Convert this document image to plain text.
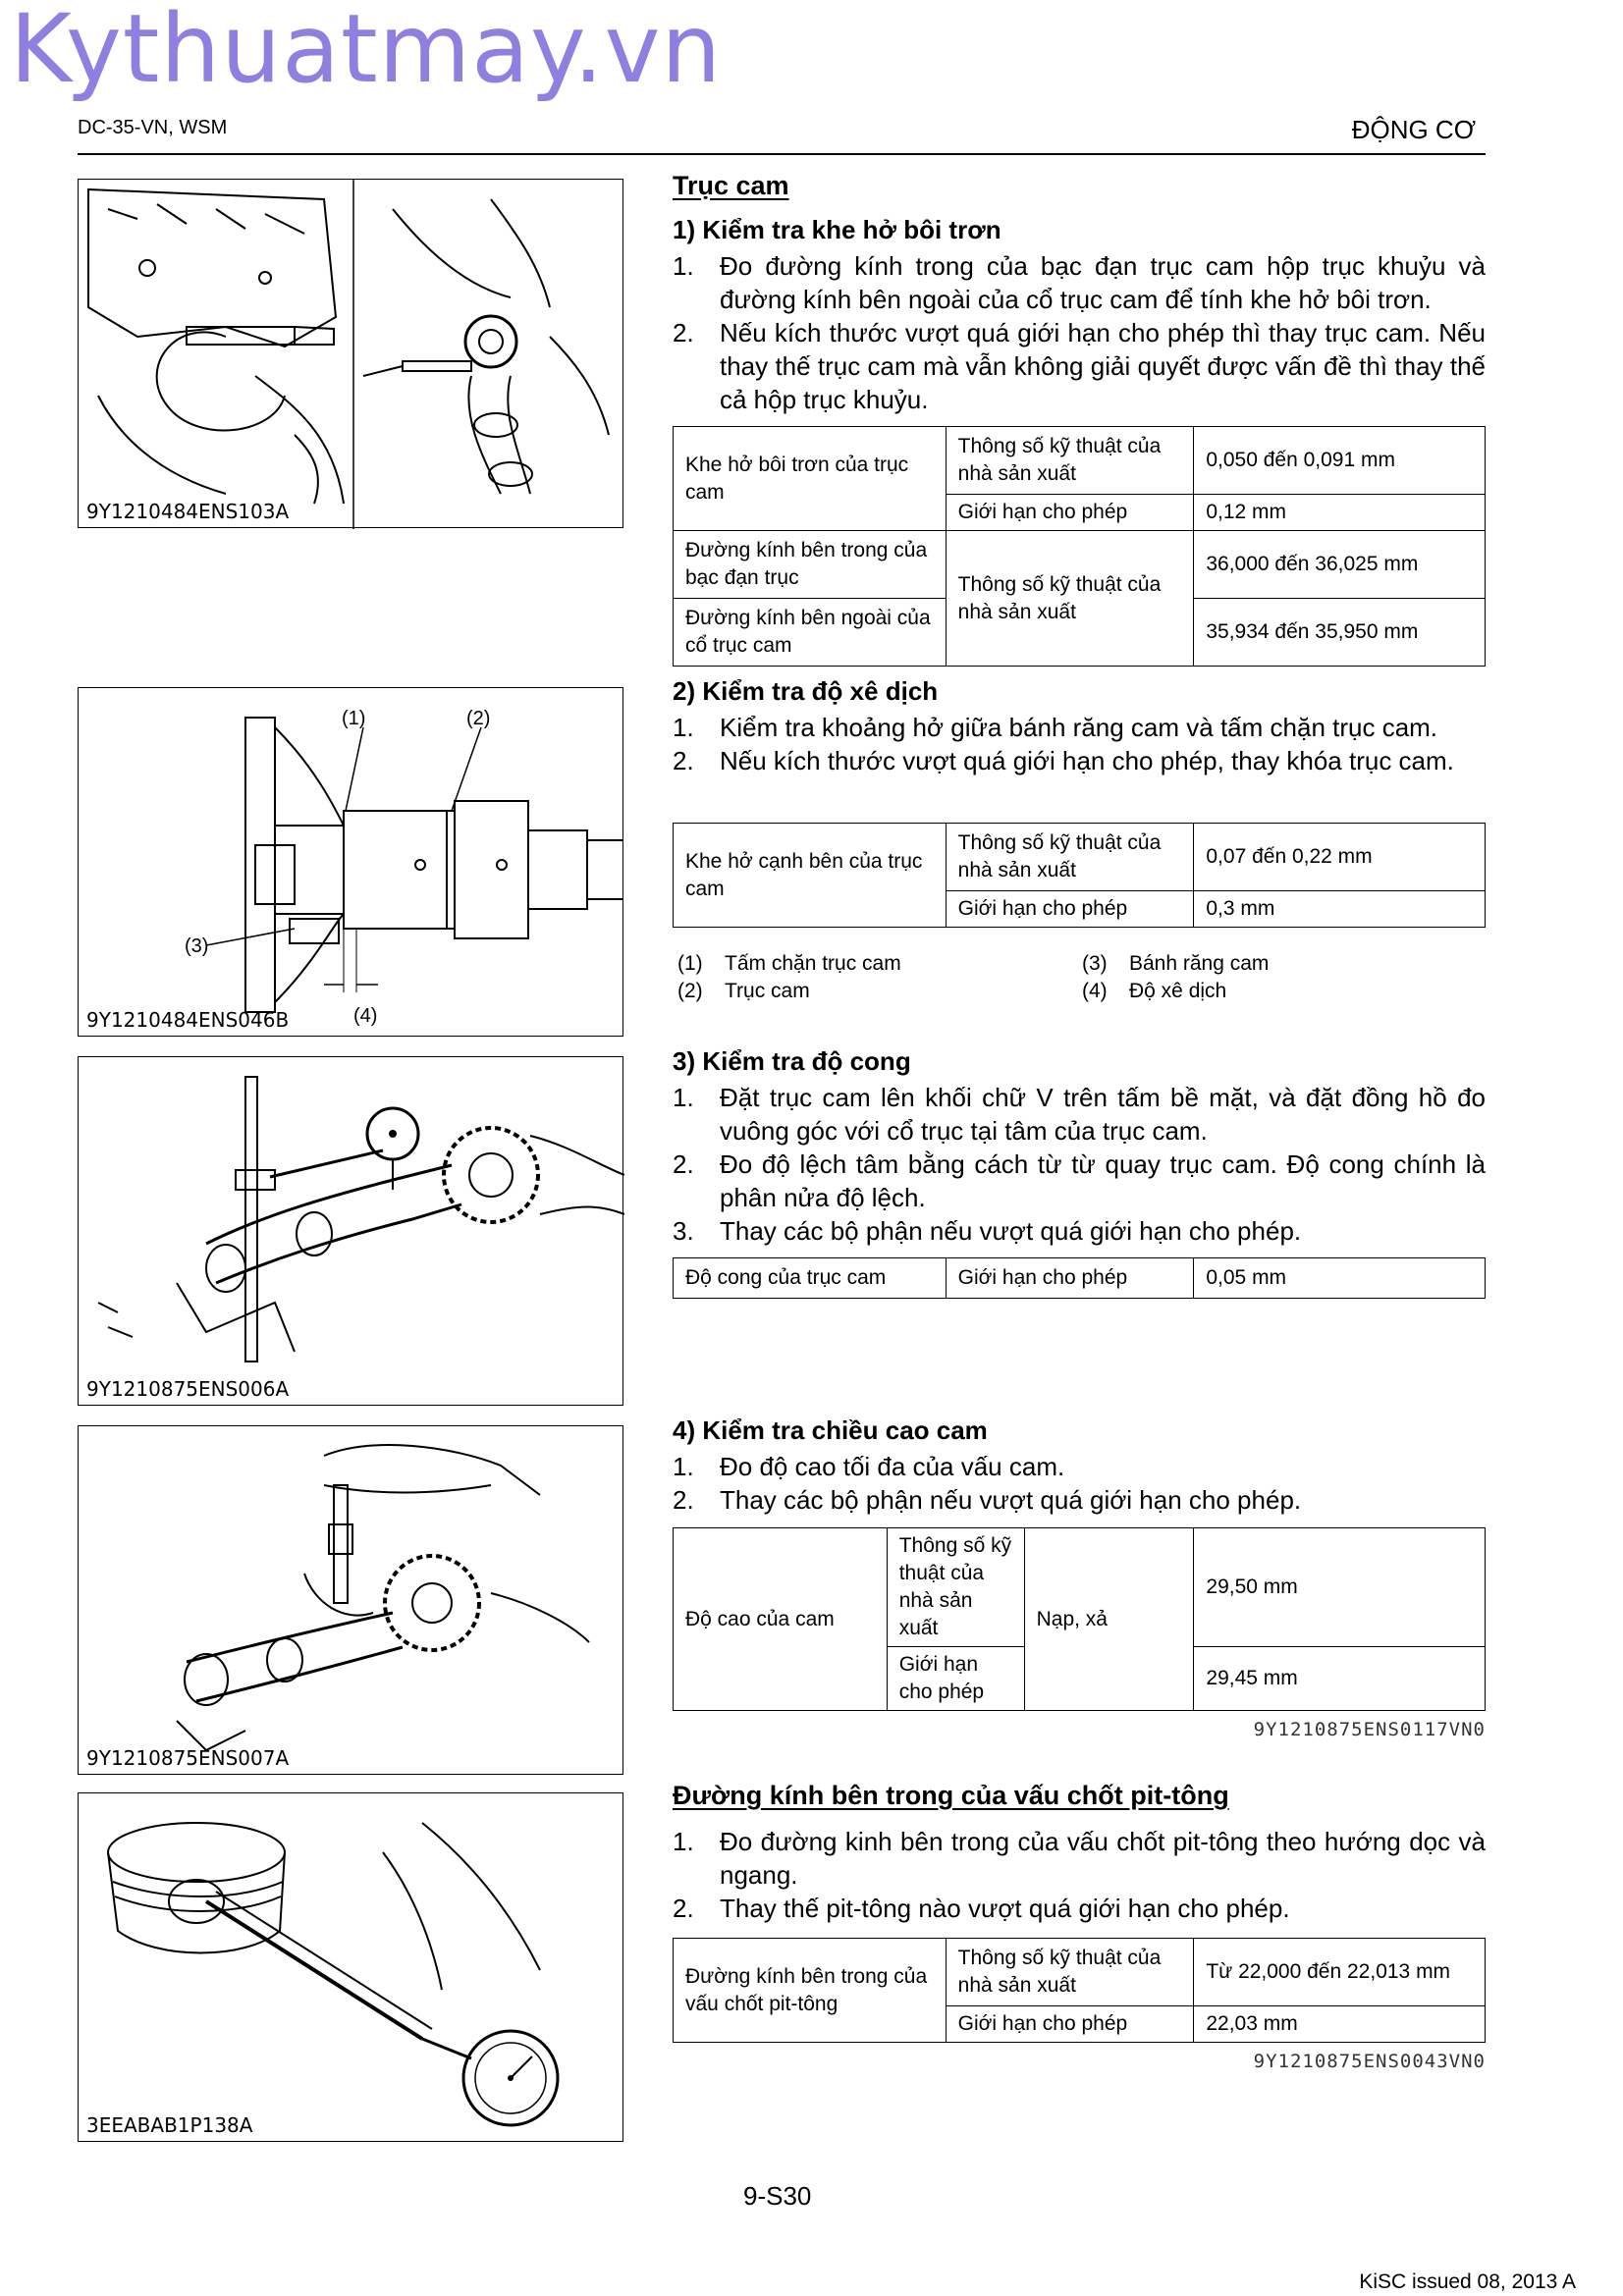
Kythuatmay.vn
DC-35-VN, WSM	ĐỘNG CƠ
9Y1210484ENS103A
(1)	(2)
(3)
(4)
9Y1210484ENS046B
9Y1210875ENS006A
9Y1210875ENS007A
3EEABAB1P138A
Trục cam
1) Kiểm tra khe hở bôi trơn
1. Đo đường kính trong của bạc đạn trục cam hộp trục khuỷu và đường kính bên ngoài của cổ trục cam để tính khe hở bôi trơn.
2. Nếu kích thước vượt quá giới hạn cho phép thì thay trục cam. Nếu thay thế trục cam mà vẫn không giải quyết được vấn đề thì thay thế cả hộp trục khuỷu.
Khe hở bôi trơn của trục cam	Thông số kỹ thuật của nhà sản xuất	0,050 đến 0,091 mm
	Giới hạn cho phép	0,12 mm
Đường kính bên trong của bạc đạn trục	Thông số kỹ thuật của nhà sản xuất	36,000 đến 36,025 mm
Đường kính bên ngoài của cổ trục cam		35,934 đến 35,950 mm
2) Kiểm tra độ xê dịch
1. Kiểm tra khoảng hở giữa bánh răng cam và tấm chặn trục cam.
2. Nếu kích thước vượt quá giới hạn cho phép, thay khóa trục cam.
Khe hở cạnh bên của trục cam	Thông số kỹ thuật của nhà sản xuất	0,07 đến 0,22 mm
	Giới hạn cho phép	0,3 mm
(1) Tấm chặn trục cam
(2) Trục cam
(3) Bánh răng cam
(4) Độ xê dịch
3) Kiểm tra độ cong
1. Đặt trục cam lên khối chữ V trên tấm bề mặt, và đặt đồng hồ đo vuông góc với cổ trục tại tâm của trục cam.
2. Đo độ lệch tâm bằng cách từ từ quay trục cam. Độ cong chính là phân nửa độ lệch.
3. Thay các bộ phận nếu vượt quá giới hạn cho phép.
Độ cong của trục cam	Giới hạn cho phép	0,05 mm
4) Kiểm tra chiều cao cam
1. Đo độ cao tối đa của vấu cam.
2. Thay các bộ phận nếu vượt quá giới hạn cho phép.
Độ cao của cam	Thông số kỹ thuật của nhà sản xuất	Nạp, xả	29,50 mm
	Giới hạn cho phép		29,45 mm
9Y1210875ENS0117VN0
Đường kính bên trong của vấu chốt pit-tông
1. Đo đường kinh bên trong của vấu chốt pit-tông theo hướng dọc và ngang.
2. Thay thế pit-tông nào vượt quá giới hạn cho phép.
Đường kính bên trong của vấu chốt pit-tông	Thông số kỹ thuật của nhà sản xuất	Từ 22,000 đến 22,013 mm
	Giới hạn cho phép	22,03 mm
9Y1210875ENS0043VN0
9-S30
KiSC issued 08, 2013 A
